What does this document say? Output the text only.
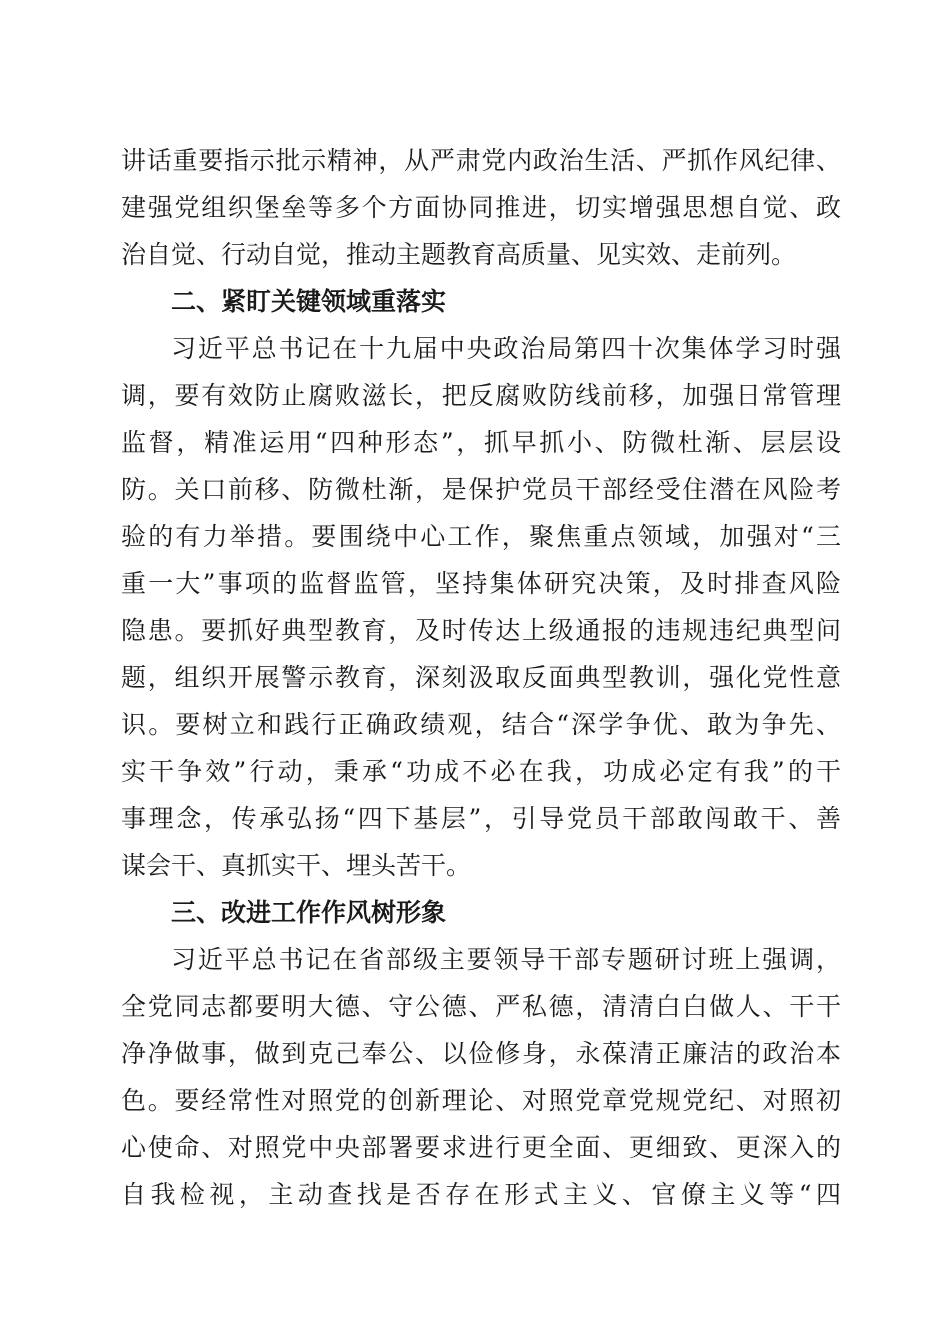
讲话重要指示批示精神，从严肃党内政治生活、严抓作风纪律、
建强党组织堡垒等多个方面协同推进，切实增强思想自觉、政
治自觉、行动自觉，推动主题教育高质量、见实效、走前列。
二、紧盯关键领域重落实
习近平总书记在十九届中央政治局第四十次集体学习时强
调，要有效防止腐败滋长，把反腐败防线前移，加强日常管理
监督，精准运用“四种形态”，抓早抓小、防微杜渐、层层设
防。关口前移、防微杜渐，是保护党员干部经受住潜在风险考
验的有力举措。要围绕中心工作，聚焦重点领域，加强对“三
重一大”事项的监督监管，坚持集体研究决策，及时排查风险
隐患。要抓好典型教育，及时传达上级通报的违规违纪典型问
题，组织开展警示教育，深刻汲取反面典型教训，强化党性意
识。要树立和践行正确政绩观，结合“深学争优、敢为争先、
实干争效”行动，秉承“功成不必在我，功成必定有我”的干
事理念，传承弘扬“四下基层”，引导党员干部敢闯敢干、善
谋会干、真抓实干、埋头苦干。
三、改进工作作风树形象
习近平总书记在省部级主要领导干部专题研讨班上强调，
全党同志都要明大德、守公德、严私德，清清白白做人、干干
净净做事，做到克己奉公、以俭修身，永葆清正廉洁的政治本
色。要经常性对照党的创新理论、对照党章党规党纪、对照初
心使命、对照党中央部署要求进行更全面、更细致、更深入的
自我检视，主动查找是否存在形式主义、官僚主义等“四
